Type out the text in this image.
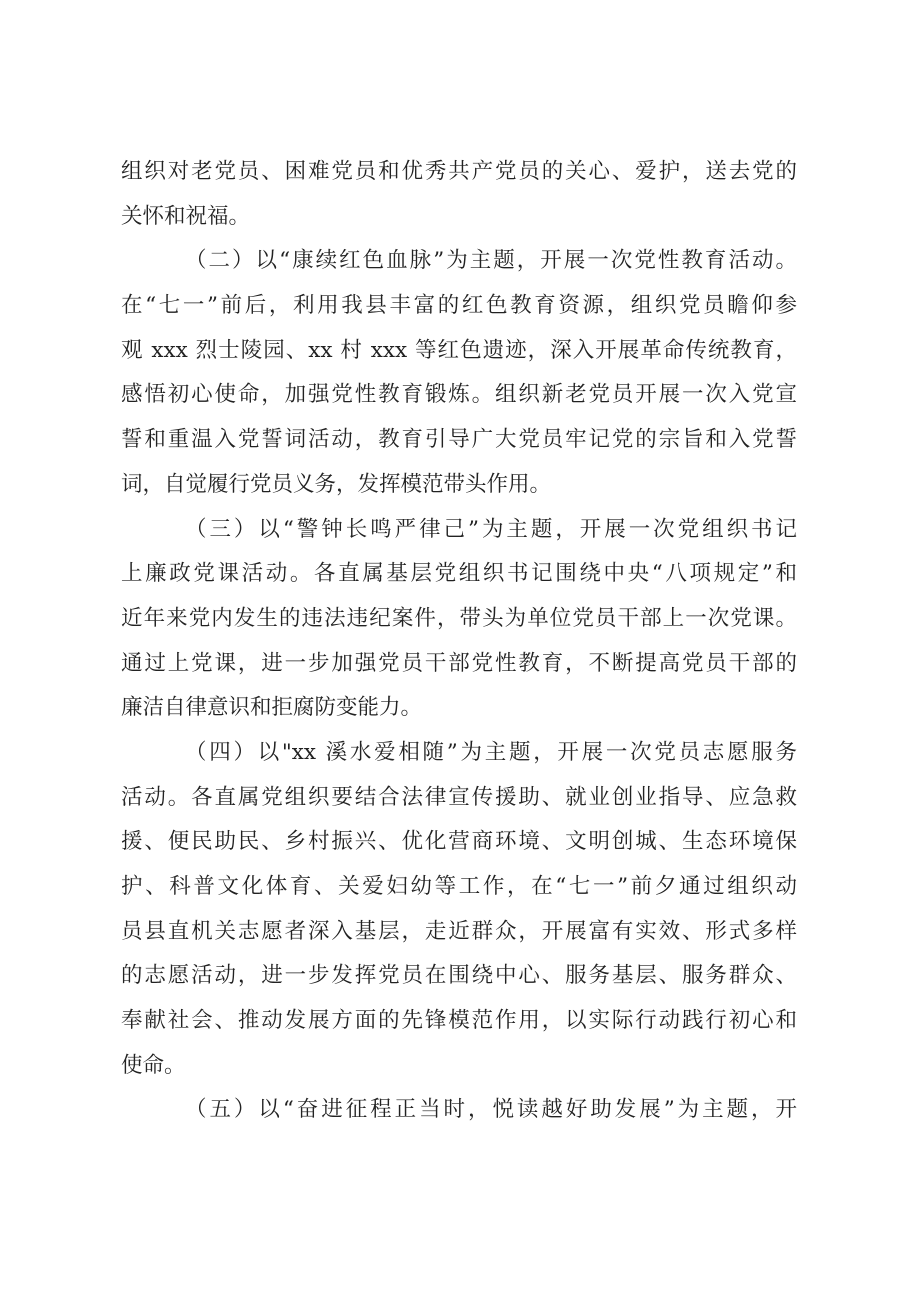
组织对老党员、困难党员和优秀共产党员的关心、爱护，送去党的
关怀和祝福。
（二）以“康续红色血脉”为主题，开展一次党性教育活动。
在“七一”前后，利用我县丰富的红色教育资源，组织党员瞻仰参
观 xxx 烈士陵园、xx 村 xxx 等红色遗迹，深入开展革命传统教育，
感悟初心使命，加强党性教育锻炼。组织新老党员开展一次入党宣
誓和重温入党誓词活动，教育引导广大党员牢记党的宗旨和入党誓
词，自觉履行党员义务，发挥模范带头作用。
（三）以“警钟长鸣严律己”为主题，开展一次党组织书记
上廉政党课活动。各直属基层党组织书记围绕中央“八项规定”和
近年来党内发生的违法违纪案件，带头为单位党员干部上一次党课。
通过上党课，进一步加强党员干部党性教育，不断提高党员干部的
廉洁自律意识和拒腐防变能力。
（四）以"xx 溪水爱相随”为主题，开展一次党员志愿服务
活动。各直属党组织要结合法律宣传援助、就业创业指导、应急救
援、便民助民、乡村振兴、优化营商环境、文明创城、生态环境保
护、科普文化体育、关爱妇幼等工作，在“七一”前夕通过组织动
员县直机关志愿者深入基层，走近群众，开展富有实效、形式多样
的志愿活动，进一步发挥党员在围绕中心、服务基层、服务群众、
奉献社会、推动发展方面的先锋模范作用，以实际行动践行初心和
使命。
（五）以“奋进征程正当时，悦读越好助发展”为主题，开
